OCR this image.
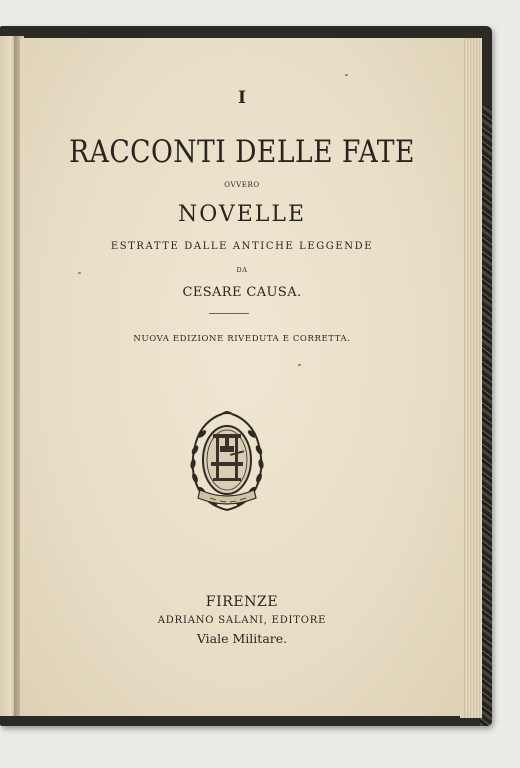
I
RACCONTI DELLE FATE
OVVERO
NOVELLE
ESTRATTE DALLE ANTICHE LEGGENDE
DA
CESARE CAUSA.
NUOVA EDIZIONE RIVEDUTA E CORRETTA.
FIRENZE
ADRIANO SALANI, EDITORE
Viale Militare.
